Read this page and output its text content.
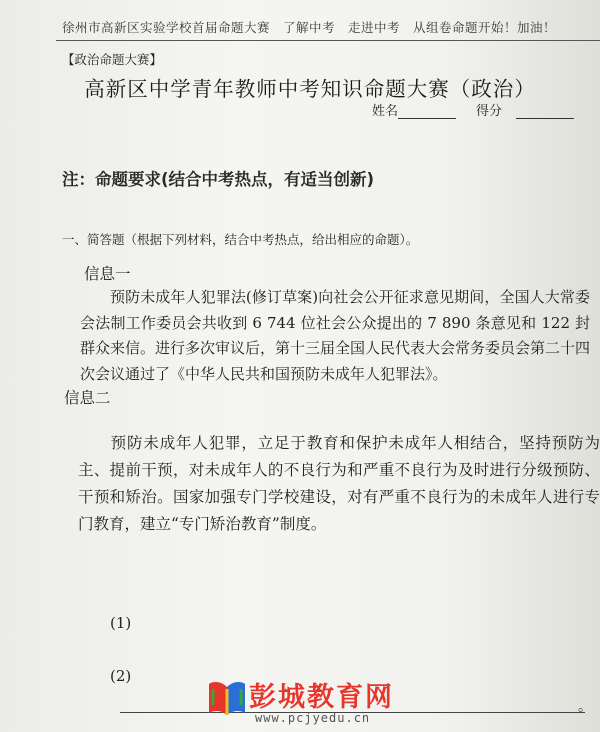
徐州市高新区实验学校首届命题大赛　了解中考　走进中考　从组卷命题开始！加油！
【政治命题大赛】
高新区中学青年教师中考知识命题大赛（政治）
姓名	得分
注：命题要求(结合中考热点，有适当创新)
一、简答题（根据下列材料，结合中考热点，给出相应的命题）。
信息一
预防未成年人犯罪法(修订草案)向社会公开征求意见期间，全国人大常委会法制工作委员会共收到 6 744 位社会公众提出的 7 890 条意见和 122 封群众来信。进行多次审议后，第十三届全国人民代表大会常务委员会第二十四次会议通过了《中华人民共和国预防未成年人犯罪法》。
信息二
　　预防未成年人犯罪，立足于教育和保护未成年人相结合，坚持预防为主、提前干预，对未成年人的不良行为和严重不良行为及时进行分级预防、干预和矫治。国家加强专门学校建设，对有严重不良行为的未成年人进行专门教育，建立“专门矫治教育”制度。
(1)
(2)
。
彭城教育网
www.pcjyedu.cn
